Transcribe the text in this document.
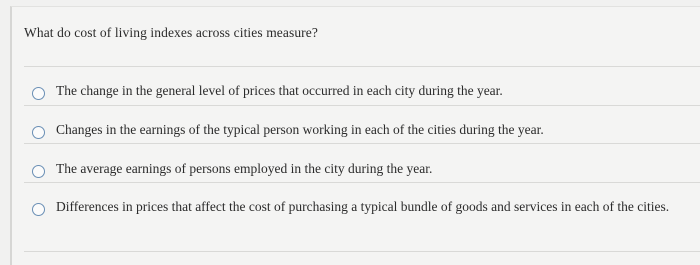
What do cost of living indexes across cities measure?
The change in the general level of prices that occurred in each city during the year.
Changes in the earnings of the typical person working in each of the cities during the year.
The average earnings of persons employed in the city during the year.
Differences in prices that affect the cost of purchasing a typical bundle of goods and services in each of the cities.
